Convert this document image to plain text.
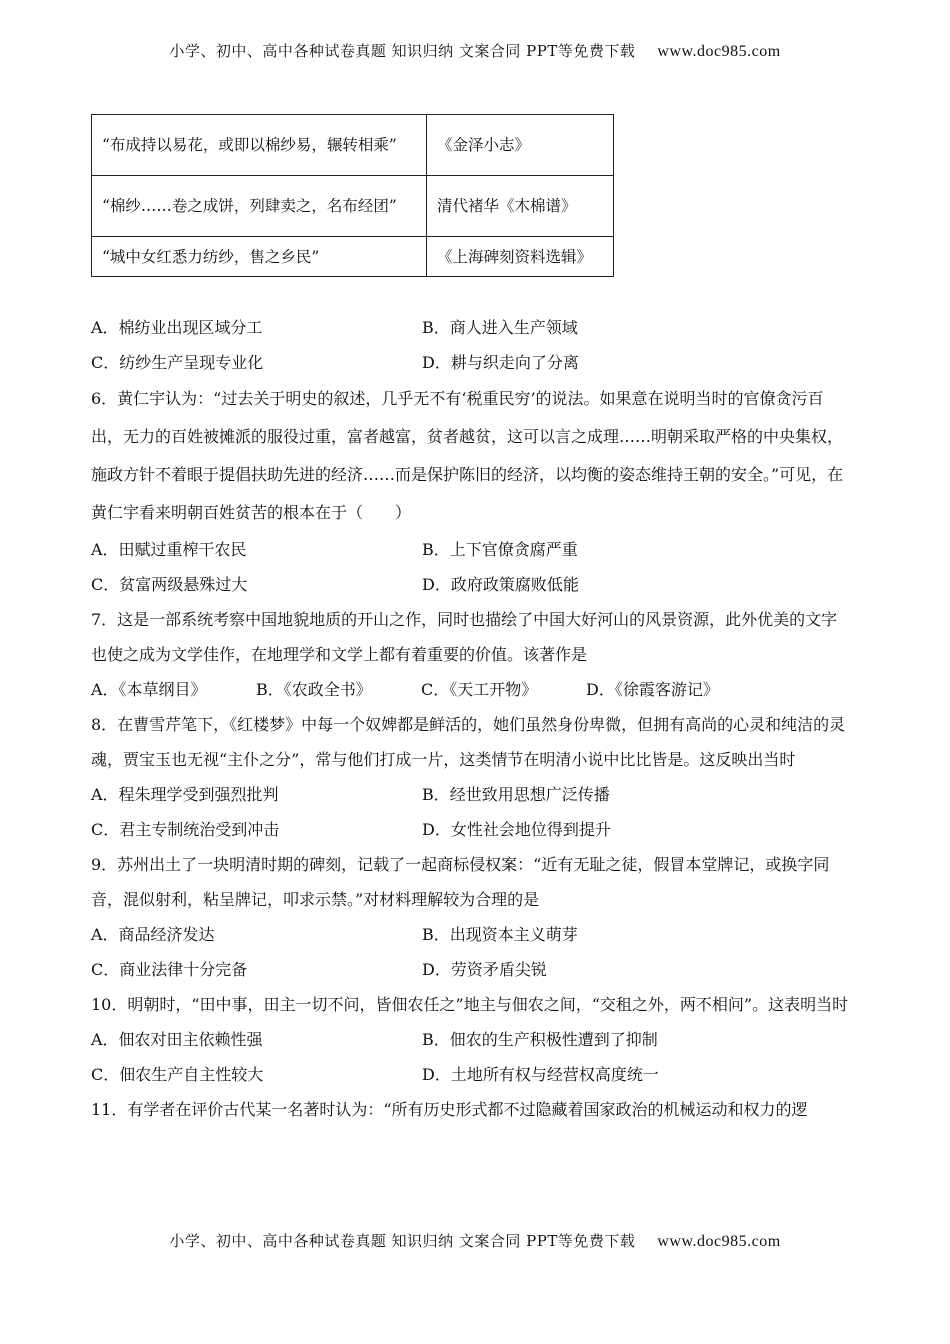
小学、初中、高中各种试卷真题 知识归纳 文案合同 PPT等免费下载 www.doc985.com
“布成持以易花，或即以棉纱易，辗转相乘”	《金泽小志》
“棉纱……卷之成饼，列肆卖之，名布经团”	清代褚华《木棉谱》
“城中女红悉力纺纱，售之乡民”	《上海碑刻资料选辑》
A．棉纺业出现区域分工	B．商人进入生产领域
C．纺纱生产呈现专业化	D．耕与织走向了分离

6．黄仁宇认为：“过去关于明史的叙述，几乎无不有‘税重民穷’的说法。如果意在说明当时的官僚贪污百出，无力的百姓被摊派的服役过重，富者越富，贫者越贫，这可以言之成理……明朝采取严格的中央集权，施政方针不着眼于提倡扶助先进的经济……而是保护陈旧的经济，以均衡的姿态维持王朝的安全。”可见，在黄仁宇看来明朝百姓贫苦的根本在于（　　）

A．田赋过重榨干农民	B．上下官僚贪腐严重
C．贫富两级悬殊过大	D．政府政策腐败低能

7．这是一部系统考察中国地貌地质的开山之作，同时也描绘了中国大好河山的风景资源，此外优美的文字也使之成为文学佳作，在地理学和文学上都有着重要的价值。该著作是

A．《本草纲目》	B．《农政全书》	C．《天工开物》	D．《徐霞客游记》

8．在曹雪芹笔下，《红楼梦》中每一个奴婢都是鲜活的，她们虽然身份卑微，但拥有高尚的心灵和纯洁的灵魂，贾宝玉也无视“主仆之分”，常与他们打成一片，这类情节在明清小说中比比皆是。这反映出当时

A．程朱理学受到强烈批判	B．经世致用思想广泛传播
C．君主专制统治受到冲击	D．女性社会地位得到提升

9．苏州出土了一块明清时期的碑刻，记载了一起商标侵权案：“近有无耻之徒，假冒本堂牌记，或换字同音，混似射利，粘呈牌记，叩求示禁。”对材料理解较为合理的是

A．商品经济发达	B．出现资本主义萌芽
C．商业法律十分完备	D．劳资矛盾尖锐

10．明朝时，“田中事，田主一切不问，皆佃农任之”地主与佃农之间，“交租之外，两不相问”。这表明当时

A．佃农对田主依赖性强	B．佃农的生产积极性遭到了抑制
C．佃农生产自主性较大	D．土地所有权与经营权高度统一

11．有学者在评价古代某一名著时认为：“所有历史形式都不过隐藏着国家政治的机械运动和权力的逻

小学、初中、高中各种试卷真题 知识归纳 文案合同 PPT等免费下载 www.doc985.com
